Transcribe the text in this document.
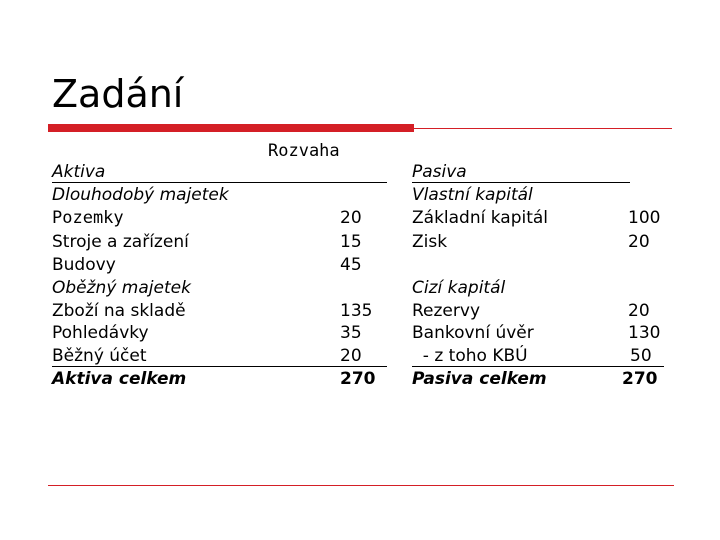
Zadání
Rozvaha
Aktiva
Dlouhodobý majetek
Pozemky	20
Stroje a zařízení	15
Budovy	45
Oběžný majetek
Zboží na skladě	135
Pohledávky	35
Běžný účet	20
Aktiva celkem	270
Pasiva
Vlastní kapitál
Základní kapitál	100
Zisk	20
Cizí kapitál
Rezervy	20
Bankovní úvěr	130
- z toho KBÚ	50
Pasiva celkem	270
